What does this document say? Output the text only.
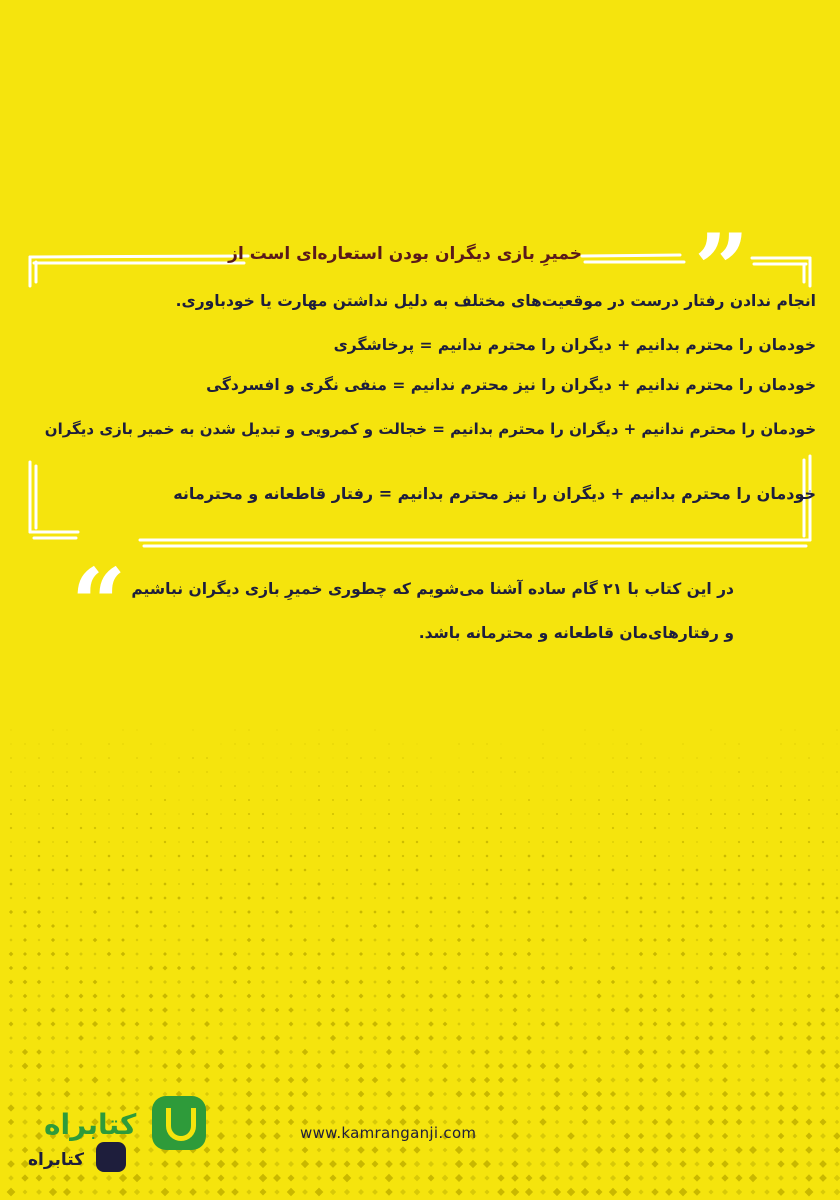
”
”
خمیرِ بازی دیگران بودن استعاره‌ای است از
انجام ندادن رفتار درست در موقعیت‌های مختلف به دلیل نداشتن مهارت یا خودباوری.
خودمان را محترم بدانیم + دیگران را محترم ندانیم = پرخاشگری
خودمان را محترم ندانیم + دیگران را نیز محترم ندانیم = منفی نگری و افسردگی
خودمان را محترم ندانیم + دیگران را محترم بدانیم = خجالت و کمرویی و تبدیل شدن به خمیر بازی دیگران
خودمان را محترم بدانیم + دیگران را نیز محترم بدانیم = رفتار قاطعانه و محترمانه
در این کتاب با ۲۱ گام ساده آشنا می‌شویم که چطوری خمیرِ بازی دیگران نباشیم
و رفتارهای‌مان قاطعانه و محترمانه باشد.
www.kamranganji.com
کتابراه
کتابراه
